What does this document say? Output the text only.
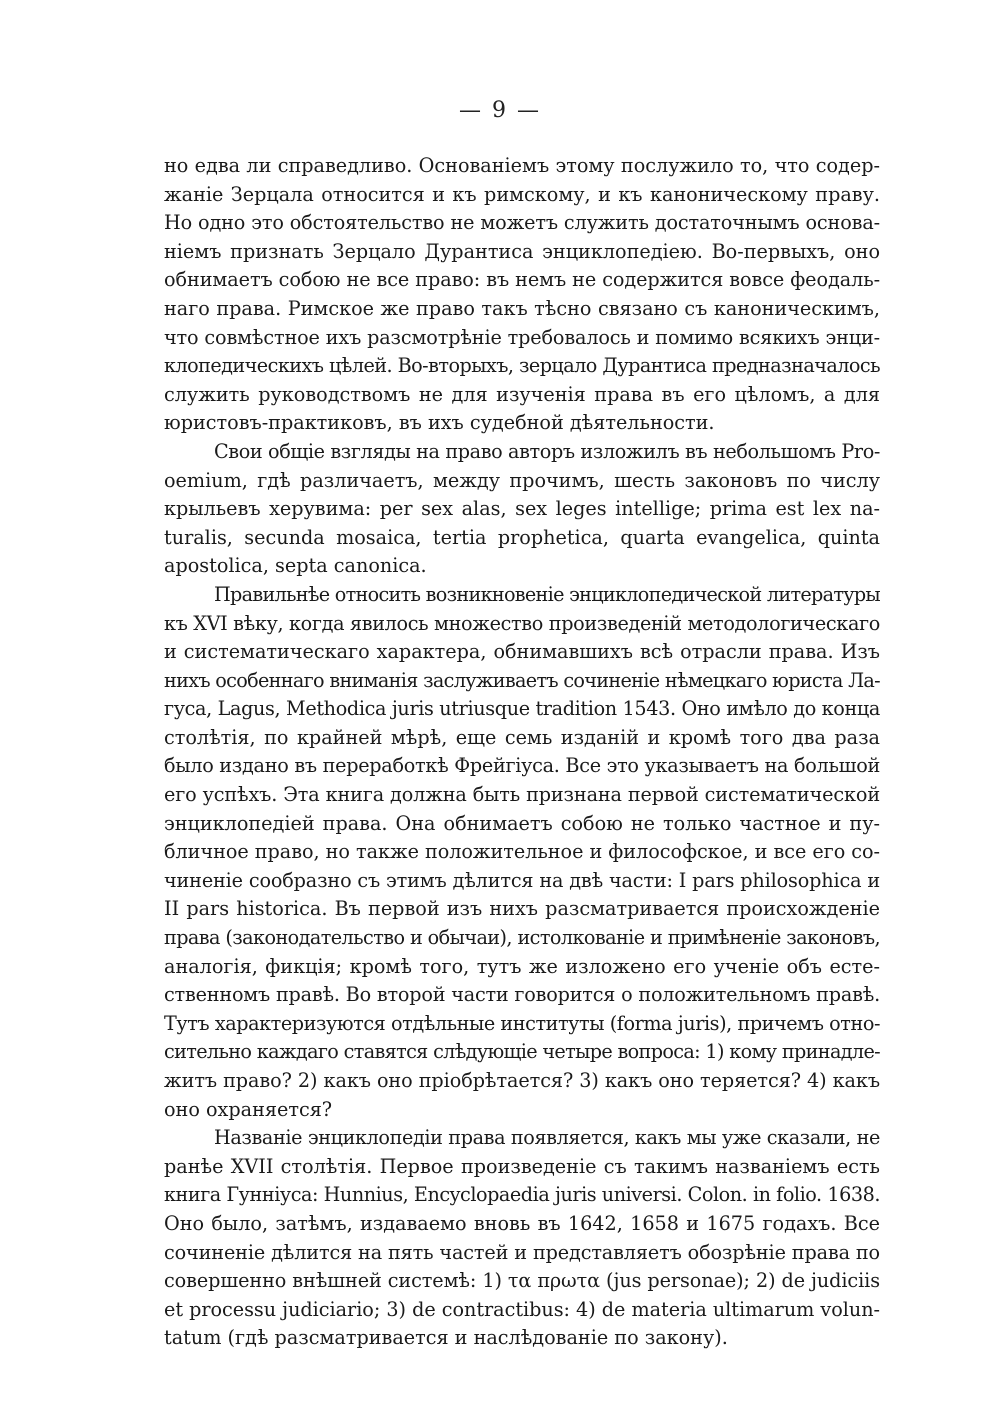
— 9 —
но едва ли справедливо. Основаніемъ этому послужило то, что содер-
жаніе Зерцала относится и къ римскому, и къ каноническому праву.
Но одно это обстоятельство не можетъ служить достаточнымъ основа-
ніемъ признать Зерцало Дурантиса энциклопедіею. Во-первыхъ, оно
обнимаетъ собою не все право: въ немъ не содержится вовсе феодаль-
наго права. Римское же право такъ тѣсно связано съ каноническимъ,
что совмѣстное ихъ разсмотрѣніе требовалось и помимо всякихъ энци-
клопедическихъ цѣлей. Во-вторыхъ, зерцало Дурантиса предназначалось
служить руководствомъ не для изученія права въ его цѣломъ, а для
юристовъ-практиковъ, въ ихъ судебной дѣятельности.
Свои общіе взгляды на право авторъ изложилъ въ небольшомъ Pro-
oemium, гдѣ различаетъ, между прочимъ, шесть законовъ по числу
крыльевъ херувима: per sex alas, sex leges intellige; prima est lex na-
turalis, secunda mosaica, tertia prophetica, quarta evangelica, quinta
apostolica, septa canonica.
Правильнѣе относить возникновеніе энциклопедической литературы
къ XVI вѣку, когда явилось множество произведеній методологическаго
и систематическаго характера, обнимавшихъ всѣ отрасли права. Изъ
нихъ особеннаго вниманія заслуживаетъ сочиненіе нѣмецкаго юриста Ла-
гуса, Lagus, Methodica juris utriusque tradition 1543. Оно имѣло до конца
столѣтія, по крайней мѣрѣ, еще семь изданій и кромѣ того два раза
было издано въ переработкѣ Фрейгіуса. Все это указываетъ на большой
его успѣхъ. Эта книга должна быть признана первой систематической
энциклопедіей права. Она обнимаетъ собою не только частное и пу-
бличное право, но также положительное и философское, и все его со-
чиненіе сообразно съ этимъ дѣлится на двѣ части: I pars philosophica и
II pars historica. Въ первой изъ нихъ разсматривается происхожденіе
права (законодательство и обычаи), истолкованіе и примѣненіе законовъ,
аналогія, фикція; кромѣ того, тутъ же изложено его ученіе объ есте-
ственномъ правѣ. Во второй части говорится о положительномъ правѣ.
Тутъ характеризуются отдѣльные институты (forma juris), причемъ отно-
сительно каждаго ставятся слѣдующіе четыре вопроса: 1) кому принадле-
житъ право? 2) какъ оно пріобрѣтается? 3) какъ оно теряется? 4) какъ
оно охраняется?
Названіе энциклопедіи права появляется, какъ мы уже сказали, не
ранѣе XVII столѣтія. Первое произведеніе съ такимъ названіемъ есть
книга Гунніуса: Hunnius, Encyclopaedia juris universi. Colon. in folio. 1638.
Оно было, затѣмъ, издаваемо вновь въ 1642, 1658 и 1675 годахъ. Все
сочиненіе дѣлится на пять частей и представляетъ обозрѣніе права по
совершенно внѣшней системѣ: 1) τα πρωτα (jus personae); 2) de judiciis
et processu judiciario; 3) de contractibus: 4) de materia ultimarum volun-
tatum (гдѣ разсматривается и наслѣдованіе по закону).
